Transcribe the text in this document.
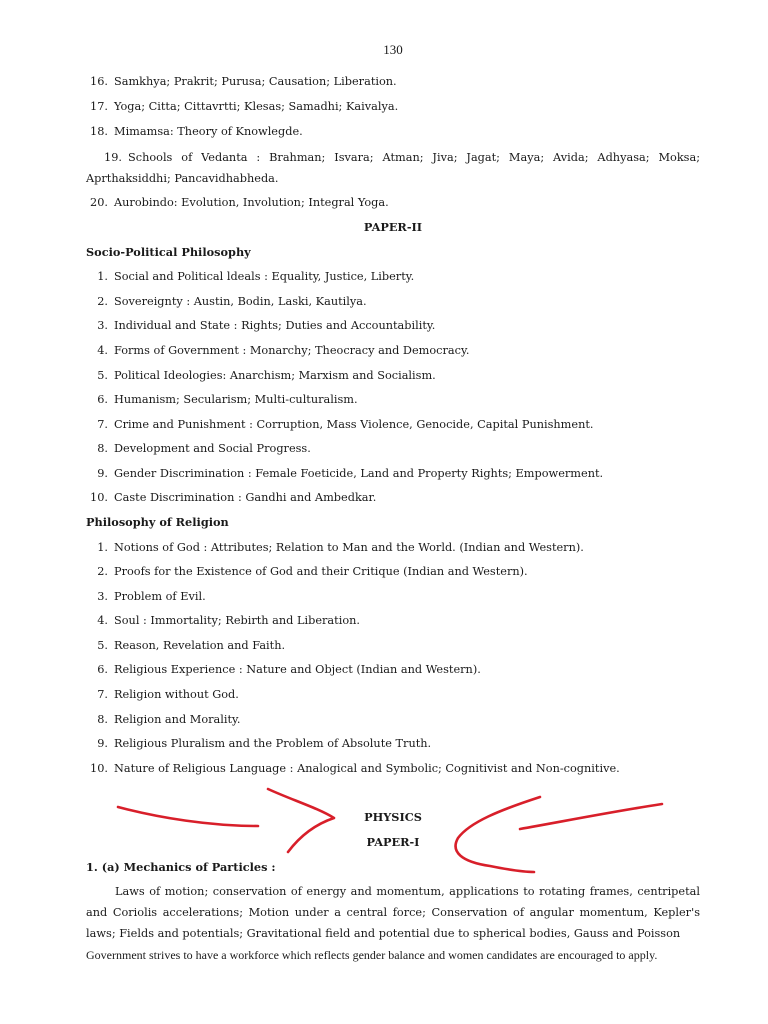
130
16. Samkhya; Prakrit; Purusa; Causation; Liberation.
17. Yoga; Citta; Cittavrtti; Klesas; Samadhi; Kaivalya.
18. Mimamsa: Theory of Knowlegde.
19. Schools of Vedanta : Brahman; Isvara; Atman; Jiva; Jagat; Maya; Avida; Adhyasa; Moksa; Aprthaksiddhi; Pancavidhabheda.
20. Aurobindo: Evolution, Involution; Integral Yoga.
PAPER-II
Socio-Political Philosophy
1. Social and Political ldeals : Equality, Justice, Liberty.
2. Sovereignty : Austin, Bodin, Laski, Kautilya.
3. Individual and State : Rights; Duties and Accountability.
4. Forms of Government : Monarchy; Theocracy and Democracy.
5. Political Ideologies: Anarchism; Marxism and Socialism.
6. Humanism; Secularism; Multi-culturalism.
7. Crime and Punishment : Corruption, Mass Violence, Genocide, Capital Punishment.
8. Development and Social Progress.
9. Gender Discrimination : Female Foeticide, Land and Property Rights; Empowerment.
10. Caste Discrimination : Gandhi and Ambedkar.
Philosophy of Religion
1. Notions of God : Attributes; Relation to Man and the World. (Indian and Western).
2. Proofs for the Existence of God and their Critique (Indian and Western).
3. Problem of Evil.
4. Soul : Immortality; Rebirth and Liberation.
5. Reason, Revelation and Faith.
6. Religious Experience : Nature and Object (Indian and Western).
7. Religion without God.
8. Religion and Morality.
9. Religious Pluralism and the Problem of Absolute Truth.
10. Nature of Religious Language : Analogical and Symbolic; Cognitivist and Non-cognitive.
PHYSICS
PAPER-I
1. (a) Mechanics of Particles :
Laws of motion; conservation of energy and momentum, applications to rotating frames, centripetal and Coriolis accelerations; Motion under a central force; Conservation of angular momentum, Kepler's laws; Fields and potentials; Gravitational field and potential due to spherical bodies, Gauss and Poisson
Government strives to have a workforce which reflects gender balance and women candidates are encouraged to apply.
